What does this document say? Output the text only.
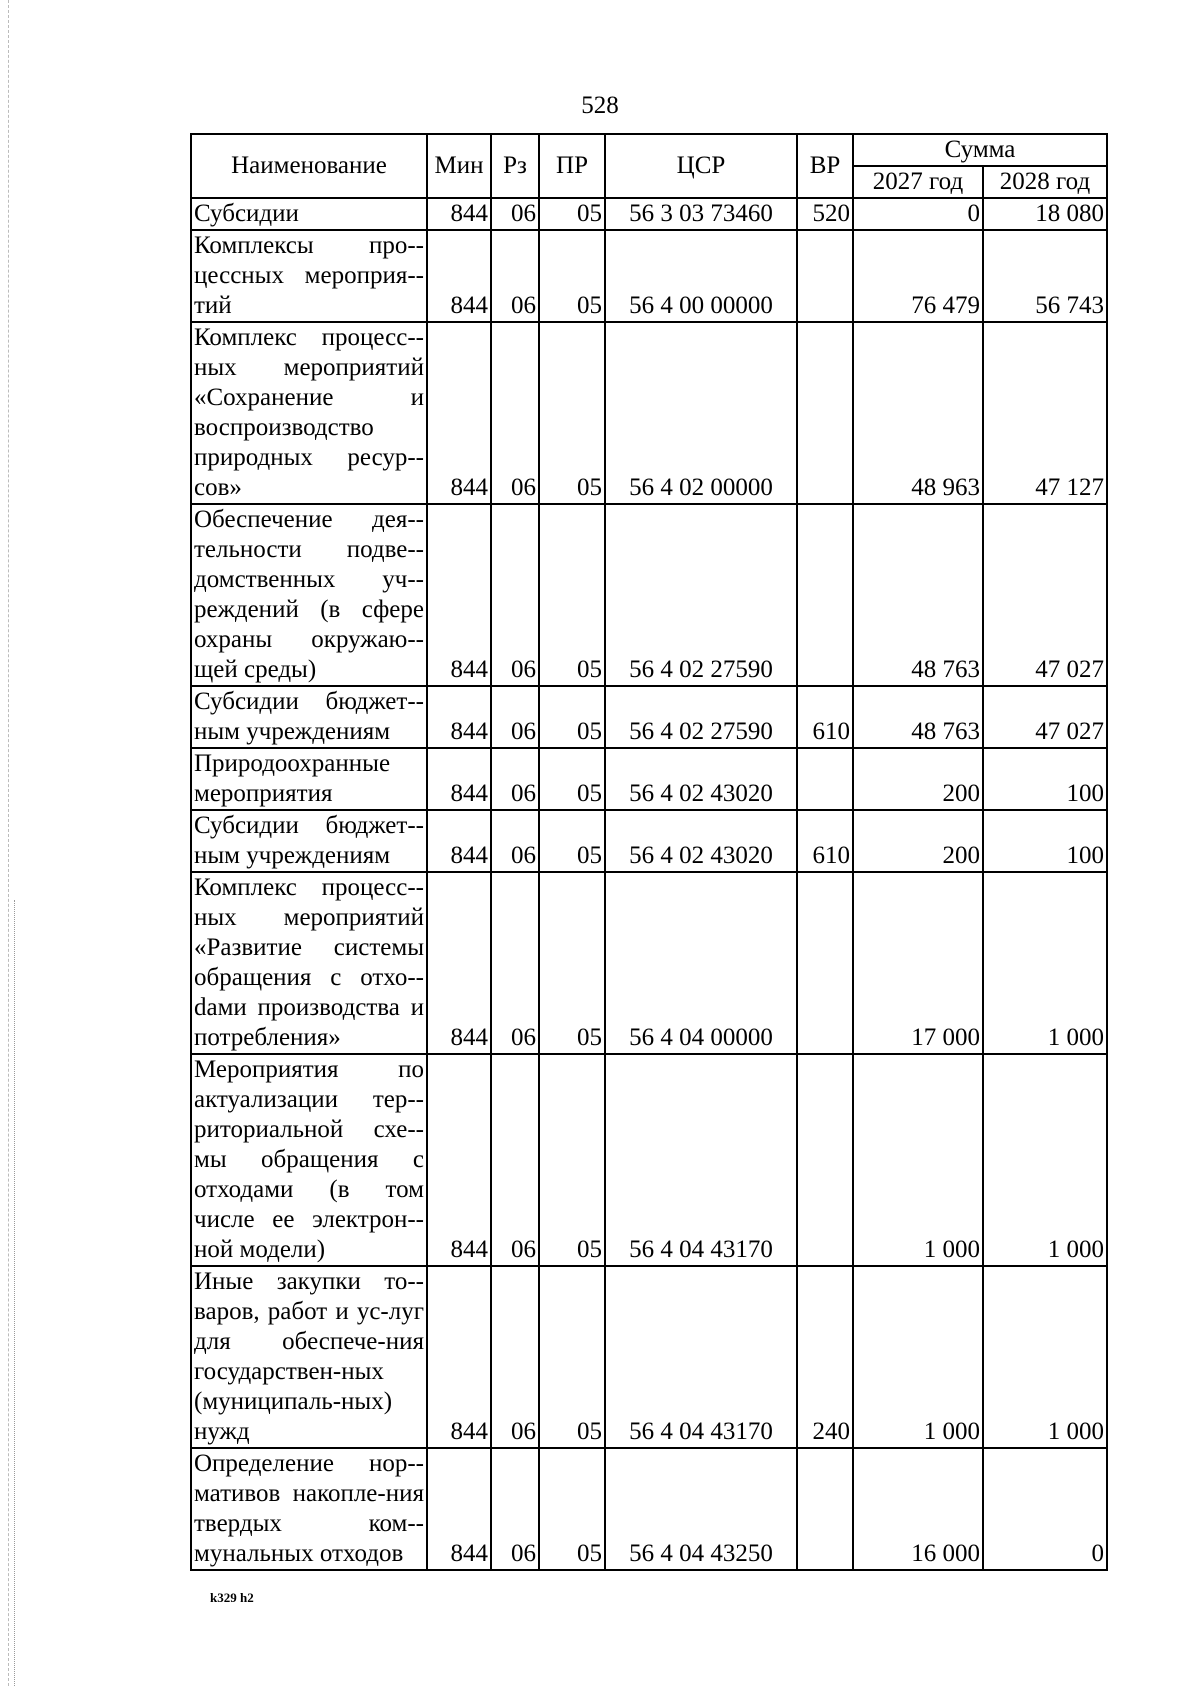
528
Наименование	Мин	Рз	ПР	ЦСР	ВР	Сумма	
						2027 год	2028 год
Субсидии	844	06	05	56 3 03 73460	520	0	18 080
Комплексы про-цессных мероприя-тий	844	06	05	56 4 00 00000		76 479	56 743
Комплекс процесс-ных мероприятий «Сохранение и воспроизводство природных ресур-сов»	844	06	05	56 4 02 00000		48 963	47 127
Обеспечение дея-тельности подве-домственных уч-реждений (в сфере охраны окружаю-щей среды)	844	06	05	56 4 02 27590		48 763	47 027
Субсидии бюджет-ным учреждениям	844	06	05	56 4 02 27590	610	48 763	47 027
Природоохранные мероприятия	844	06	05	56 4 02 43020		200	100
Субсидии бюджет-ным учреждениям	844	06	05	56 4 02 43020	610	200	100
Комплекс процесс-ных мероприятий «Развитие системы обращения с отхо-dами производства и потребления»	844	06	05	56 4 04 00000		17 000	1 000
Мероприятия по актуализации тер-риториальной схе-мы обращения с отходами (в том числе ее электрон-ной модели)	844	06	05	56 4 04 43170		1 000	1 000
Иные закупки то-варов, работ и ус-луг для обеспече-ния государствен-ных (муниципаль-ных) нужд	844	06	05	56 4 04 43170	240	1 000	1 000
Определение нор-мативов накопле-ния твердых ком-мунальных отходов	844	06	05	56 4 04 43250		16 000	0
k329 h2
